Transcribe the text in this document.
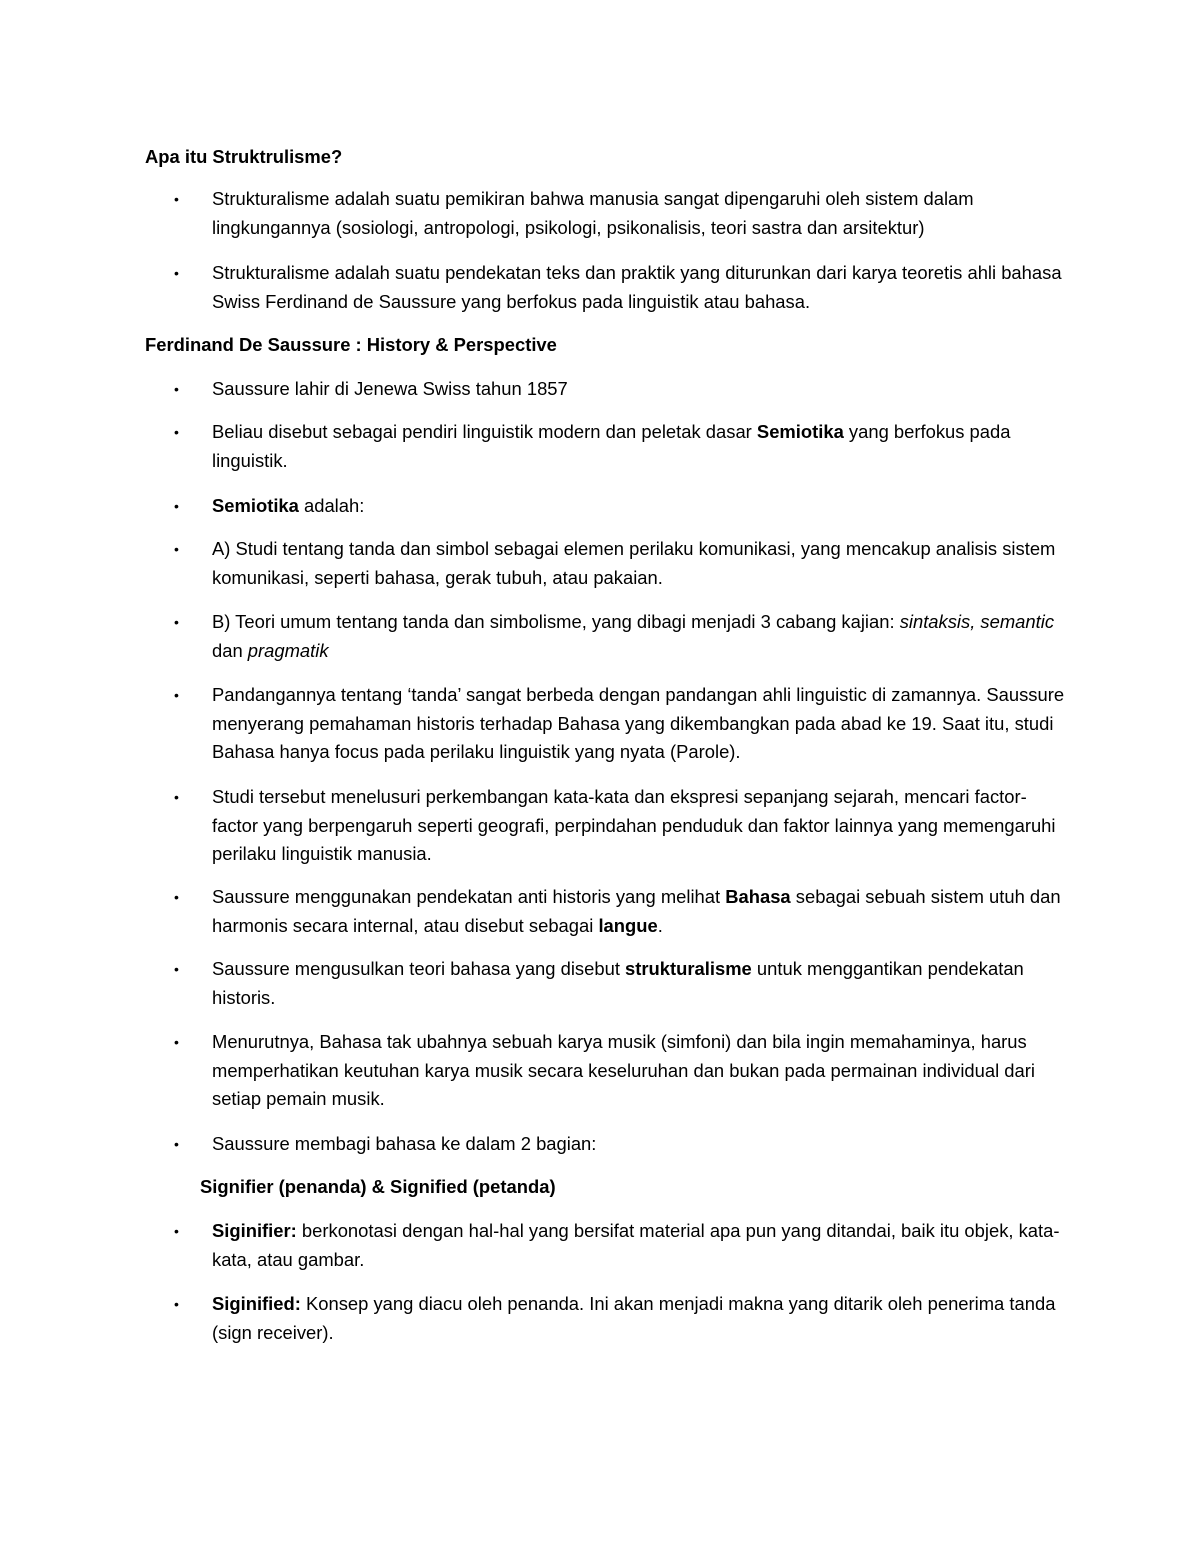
Apa itu Struktrulisme?

• Strukturalisme adalah suatu pemikiran bahwa manusia sangat dipengaruhi oleh sistem dalam lingkungannya (sosiologi, antropologi, psikologi, psikonalisis, teori sastra dan arsitektur)

• Strukturalisme adalah suatu pendekatan teks dan praktik yang diturunkan dari karya teoretis ahli bahasa Swiss Ferdinand de Saussure yang berfokus pada linguistik atau bahasa.

Ferdinand De Saussure : History & Perspective

• Saussure lahir di Jenewa Swiss tahun 1857

• Beliau disebut sebagai pendiri linguistik modern dan peletak dasar Semiotika yang berfokus pada linguistik.

• Semiotika adalah:

• A) Studi tentang tanda dan simbol sebagai elemen perilaku komunikasi, yang mencakup analisis sistem komunikasi, seperti bahasa, gerak tubuh, atau pakaian.

• B) Teori umum tentang tanda dan simbolisme, yang dibagi menjadi 3 cabang kajian: sintaksis, semantic dan pragmatik

• Pandangannya tentang ‘tanda’ sangat berbeda dengan pandangan ahli linguistic di zamannya. Saussure menyerang pemahaman historis terhadap Bahasa yang dikembangkan pada abad ke 19. Saat itu, studi Bahasa hanya focus pada perilaku linguistik yang nyata (Parole).

• Studi tersebut menelusuri perkembangan kata-kata dan ekspresi sepanjang sejarah, mencari factor-factor yang berpengaruh seperti geografi, perpindahan penduduk dan faktor lainnya yang memengaruhi perilaku linguistik manusia.

• Saussure menggunakan pendekatan anti historis yang melihat Bahasa sebagai sebuah sistem utuh dan harmonis secara internal, atau disebut sebagai langue.

• Saussure mengusulkan teori bahasa yang disebut strukturalisme untuk menggantikan pendekatan historis.

• Menurutnya, Bahasa tak ubahnya sebuah karya musik (simfoni) dan bila ingin memahaminya, harus memperhatikan keutuhan karya musik secara keseluruhan dan bukan pada permainan individual dari setiap pemain musik.

• Saussure membagi bahasa ke dalam 2 bagian:

Signifier (penanda) & Signified (petanda)

• Siginifier: berkonotasi dengan hal-hal yang bersifat material apa pun yang ditandai, baik itu objek, kata-kata, atau gambar.

• Siginified: Konsep yang diacu oleh penanda. Ini akan menjadi makna yang ditarik oleh penerima tanda (sign receiver).
